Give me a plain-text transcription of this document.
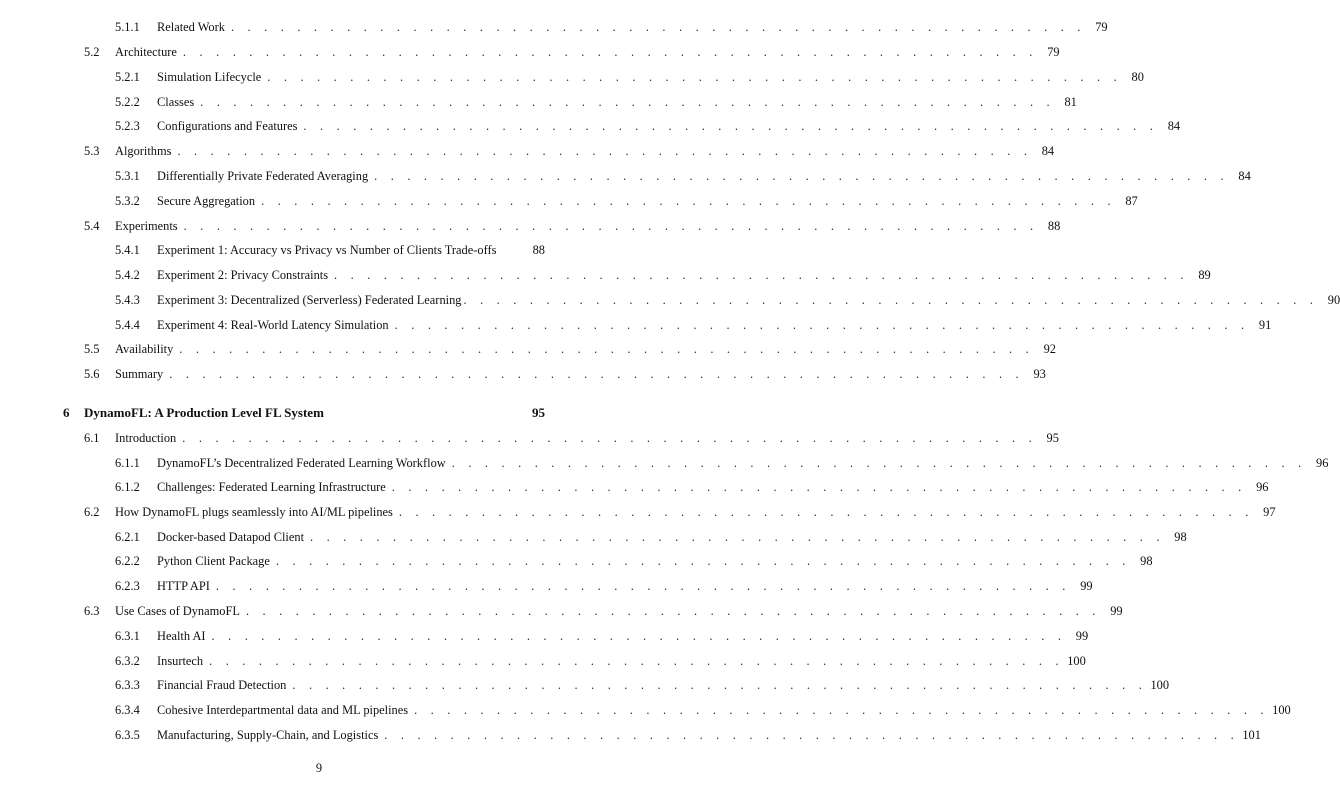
5.1.1	Related Work . . . . . . . . . . . . . . . . . . . . . . . . . . . . . . . . . . . . . . . . . . . . . . . . . . . . 79
5.2	Architecture . . . . . . . . . . . . . . . . . . . . . . . . . . . . . . . . . . . . . . . . . . . . . . . . . . . . 79
5.2.1	Simulation Lifecycle . . . . . . . . . . . . . . . . . . . . . . . . . . . . . . . . . . . . . . . . . . . . . . . . . . . . 80
5.2.2	Classes . . . . . . . . . . . . . . . . . . . . . . . . . . . . . . . . . . . . . . . . . . . . . . . . . . . . 81
5.2.3	Configurations and Features . . . . . . . . . . . . . . . . . . . . . . . . . . . . . . . . . . . . . . . . . . . . . . . . . . . . 84
5.3	Algorithms . . . . . . . . . . . . . . . . . . . . . . . . . . . . . . . . . . . . . . . . . . . . . . . . . . . . 84
5.3.1	Differentially Private Federated Averaging . . . . . . . . . . . . . . . . . . . . . . . . . . . . . . . . . . . . . . . . . . . . . . . . . . . . 84
5.3.2	Secure Aggregation . . . . . . . . . . . . . . . . . . . . . . . . . . . . . . . . . . . . . . . . . . . . . . . . . . . . 87
5.4	Experiments . . . . . . . . . . . . . . . . . . . . . . . . . . . . . . . . . . . . . . . . . . . . . . . . . . . . 88
5.4.1	Experiment 1: Accuracy vs Privacy vs Number of Clients Trade-offs	88
5.4.2	Experiment 2: Privacy Constraints . . . . . . . . . . . . . . . . . . . . . . . . . . . . . . . . . . . . . . . . . . . . . . . . . . . . 89
5.4.3	Experiment 3: Decentralized (Serverless) Federated Learning . . . . . . . . . . . . . . . . . . . . . . . . . . . . . . . . . . . . . . . . . . . . . . . . . . . . 90
5.4.4	Experiment 4: Real-World Latency Simulation . . . . . . . . . . . . . . . . . . . . . . . . . . . . . . . . . . . . . . . . . . . . . . . . . . . . 91
5.5	Availability . . . . . . . . . . . . . . . . . . . . . . . . . . . . . . . . . . . . . . . . . . . . . . . . . . . . 92
5.6	Summary . . . . . . . . . . . . . . . . . . . . . . . . . . . . . . . . . . . . . . . . . . . . . . . . . . . . 93
6	DynamoFL: A Production Level FL System	95
6.1	Introduction . . . . . . . . . . . . . . . . . . . . . . . . . . . . . . . . . . . . . . . . . . . . . . . . . . . . 95
6.1.1	DynamoFL’s Decentralized Federated Learning Workflow . . . . . . . . . . . . . . . . . . . . . . . . . . . . . . . . . . . . . . . . . . . . . . . . . . . . 96
6.1.2	Challenges: Federated Learning Infrastructure . . . . . . . . . . . . . . . . . . . . . . . . . . . . . . . . . . . . . . . . . . . . . . . . . . . . 96
6.2	How DynamoFL plugs seamlessly into AI/ML pipelines . . . . . . . . . . . . . . . . . . . . . . . . . . . . . . . . . . . . . . . . . . . . . . . . . . . . 97
6.2.1	Docker-based Datapod Client . . . . . . . . . . . . . . . . . . . . . . . . . . . . . . . . . . . . . . . . . . . . . . . . . . . . 98
6.2.2	Python Client Package . . . . . . . . . . . . . . . . . . . . . . . . . . . . . . . . . . . . . . . . . . . . . . . . . . . . 98
6.2.3	HTTP API . . . . . . . . . . . . . . . . . . . . . . . . . . . . . . . . . . . . . . . . . . . . . . . . . . . . 99
6.3	Use Cases of DynamoFL . . . . . . . . . . . . . . . . . . . . . . . . . . . . . . . . . . . . . . . . . . . . . . . . . . . . 99
6.3.1	Health AI . . . . . . . . . . . . . . . . . . . . . . . . . . . . . . . . . . . . . . . . . . . . . . . . . . . . 99
6.3.2	Insurtech . . . . . . . . . . . . . . . . . . . . . . . . . . . . . . . . . . . . . . . . . . . . . . . . . . . . 100
6.3.3	Financial Fraud Detection . . . . . . . . . . . . . . . . . . . . . . . . . . . . . . . . . . . . . . . . . . . . . . . . . . . . 100
6.3.4	Cohesive Interdepartmental data and ML pipelines . . . . . . . . . . . . . . . . . . . . . . . . . . . . . . . . . . . . . . . . . . . . . . . . . . . . 100
6.3.5	Manufacturing, Supply-Chain, and Logistics . . . . . . . . . . . . . . . . . . . . . . . . . . . . . . . . . . . . . . . . . . . . . . . . . . . . 101
9
